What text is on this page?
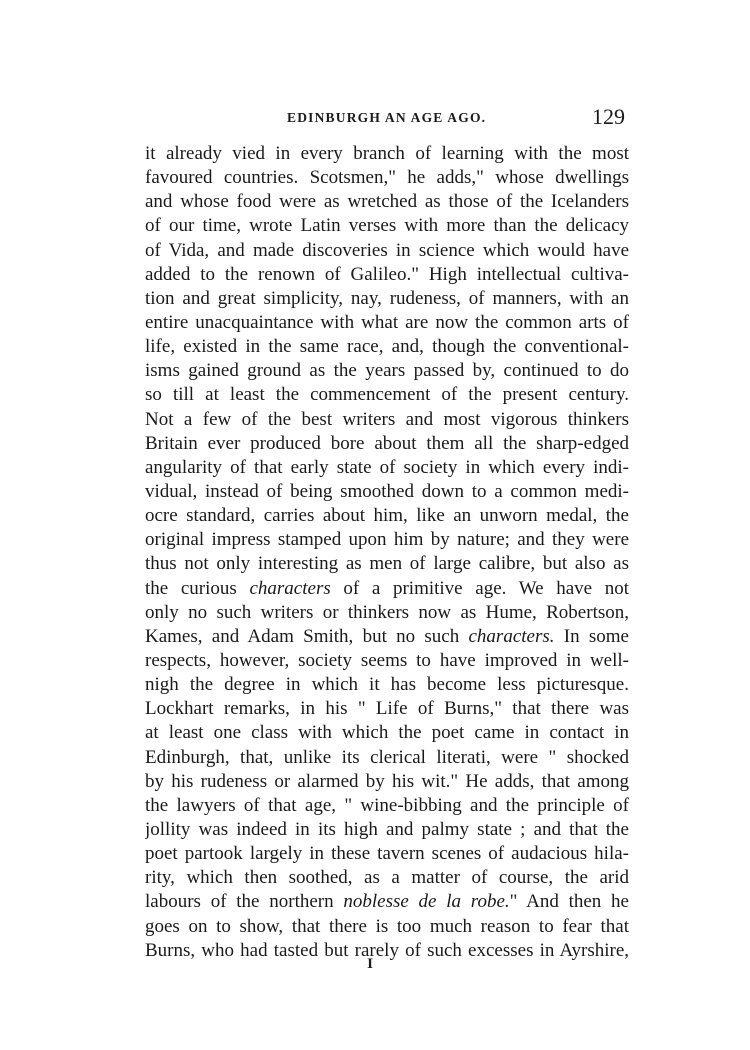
EDINBURGH AN AGE AGO.	129
it already vied in every branch of learning with the most
favoured countries. Scotsmen," he adds," whose dwellings
and whose food were as wretched as those of the Icelanders
of our time, wrote Latin verses with more than the delicacy
of Vida, and made discoveries in science which would have
added to the renown of Galileo." High intellectual cultiva-
tion and great simplicity, nay, rudeness, of manners, with an
entire unacquaintance with what are now the common arts of
life, existed in the same race, and, though the conventional-
isms gained ground as the years passed by, continued to do
so till at least the commencement of the present century.
Not a few of the best writers and most vigorous thinkers
Britain ever produced bore about them all the sharp-edged
angularity of that early state of society in which every indi-
vidual, instead of being smoothed down to a common medi-
ocre standard, carries about him, like an unworn medal, the
original impress stamped upon him by nature; and they were
thus not only interesting as men of large calibre, but also as
the curious characters of a primitive age. We have not
only no such writers or thinkers now as Hume, Robertson,
Kames, and Adam Smith, but no such characters. In some
respects, however, society seems to have improved in well-
nigh the degree in which it has become less picturesque.
Lockhart remarks, in his " Life of Burns," that there was
at least one class with which the poet came in contact in
Edinburgh, that, unlike its clerical literati, were " shocked
by his rudeness or alarmed by his wit." He adds, that among
the lawyers of that age, " wine-bibbing and the principle of
jollity was indeed in its high and palmy state ; and that the
poet partook largely in these tavern scenes of audacious hila-
rity, which then soothed, as a matter of course, the arid
labours of the northern noblesse de la robe." And then he
goes on to show, that there is too much reason to fear that
Burns, who had tasted but rarely of such excesses in Ayrshire,
I
